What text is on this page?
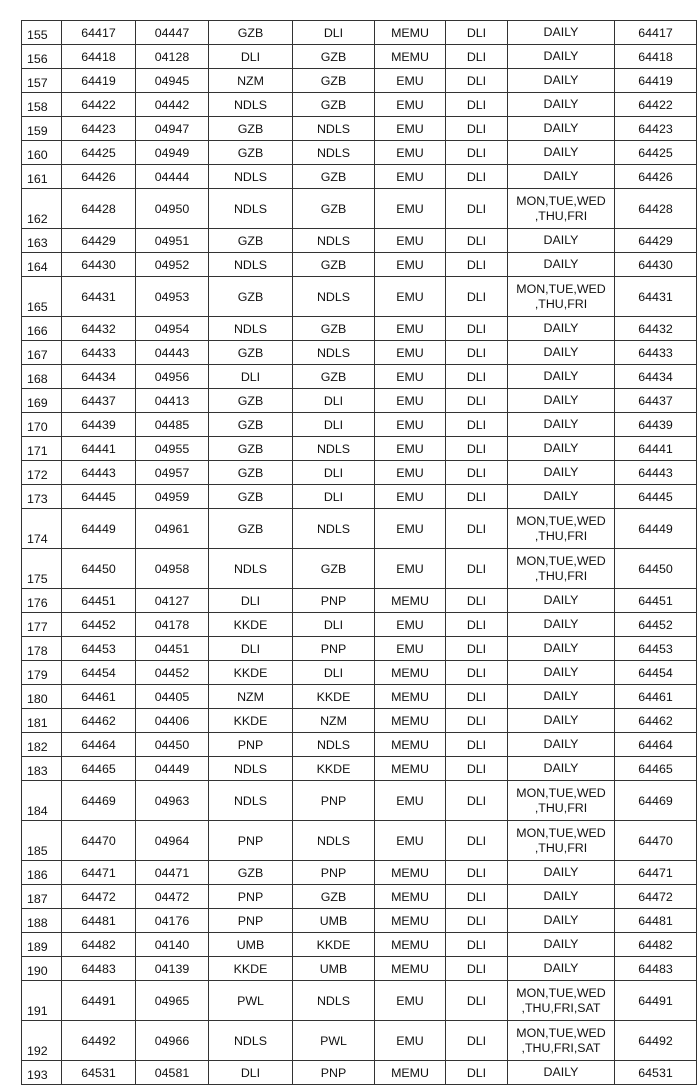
155	64417	04447	GZB	DLI	MEMU	DLI	DAILY	64417
156	64418	04128	DLI	GZB	MEMU	DLI	DAILY	64418
157	64419	04945	NZM	GZB	EMU	DLI	DAILY	64419
158	64422	04442	NDLS	GZB	EMU	DLI	DAILY	64422
159	64423	04947	GZB	NDLS	EMU	DLI	DAILY	64423
160	64425	04949	GZB	NDLS	EMU	DLI	DAILY	64425
161	64426	04444	NDLS	GZB	EMU	DLI	DAILY	64426
162	64428	04950	NDLS	GZB	EMU	DLI	MON,TUE,WED
,THU,FRI	64428
163	64429	04951	GZB	NDLS	EMU	DLI	DAILY	64429
164	64430	04952	NDLS	GZB	EMU	DLI	DAILY	64430
165	64431	04953	GZB	NDLS	EMU	DLI	MON,TUE,WED
,THU,FRI	64431
166	64432	04954	NDLS	GZB	EMU	DLI	DAILY	64432
167	64433	04443	GZB	NDLS	EMU	DLI	DAILY	64433
168	64434	04956	DLI	GZB	EMU	DLI	DAILY	64434
169	64437	04413	GZB	DLI	EMU	DLI	DAILY	64437
170	64439	04485	GZB	DLI	EMU	DLI	DAILY	64439
171	64441	04955	GZB	NDLS	EMU	DLI	DAILY	64441
172	64443	04957	GZB	DLI	EMU	DLI	DAILY	64443
173	64445	04959	GZB	DLI	EMU	DLI	DAILY	64445
174	64449	04961	GZB	NDLS	EMU	DLI	MON,TUE,WED
,THU,FRI	64449
175	64450	04958	NDLS	GZB	EMU	DLI	MON,TUE,WED
,THU,FRI	64450
176	64451	04127	DLI	PNP	MEMU	DLI	DAILY	64451
177	64452	04178	KKDE	DLI	EMU	DLI	DAILY	64452
178	64453	04451	DLI	PNP	EMU	DLI	DAILY	64453
179	64454	04452	KKDE	DLI	MEMU	DLI	DAILY	64454
180	64461	04405	NZM	KKDE	MEMU	DLI	DAILY	64461
181	64462	04406	KKDE	NZM	MEMU	DLI	DAILY	64462
182	64464	04450	PNP	NDLS	MEMU	DLI	DAILY	64464
183	64465	04449	NDLS	KKDE	MEMU	DLI	DAILY	64465
184	64469	04963	NDLS	PNP	EMU	DLI	MON,TUE,WED
,THU,FRI	64469
185	64470	04964	PNP	NDLS	EMU	DLI	MON,TUE,WED
,THU,FRI	64470
186	64471	04471	GZB	PNP	MEMU	DLI	DAILY	64471
187	64472	04472	PNP	GZB	MEMU	DLI	DAILY	64472
188	64481	04176	PNP	UMB	MEMU	DLI	DAILY	64481
189	64482	04140	UMB	KKDE	MEMU	DLI	DAILY	64482
190	64483	04139	KKDE	UMB	MEMU	DLI	DAILY	64483
191	64491	04965	PWL	NDLS	EMU	DLI	MON,TUE,WED
,THU,FRI,SAT	64491
192	64492	04966	NDLS	PWL	EMU	DLI	MON,TUE,WED
,THU,FRI,SAT	64492
193	64531	04581	DLI	PNP	MEMU	DLI	DAILY	64531
